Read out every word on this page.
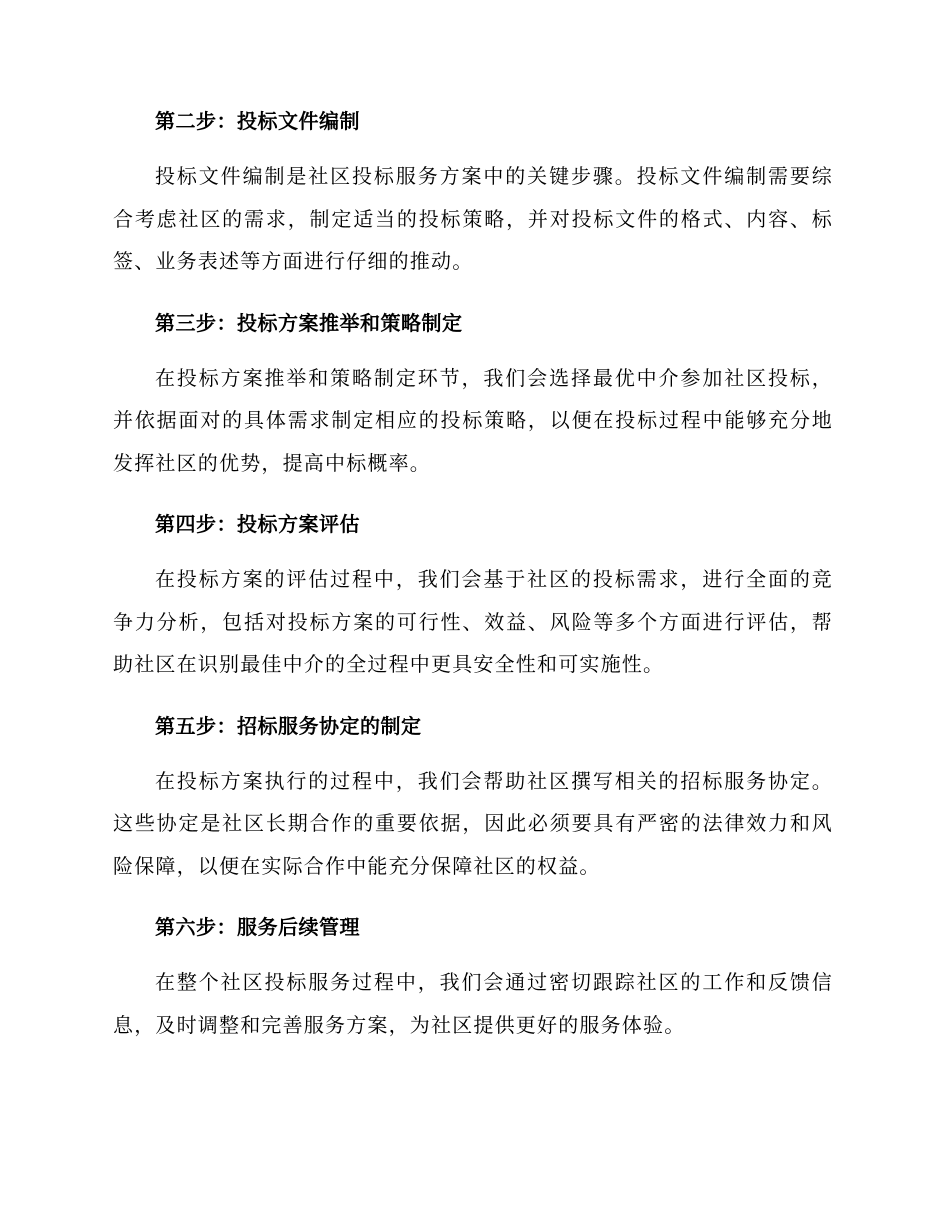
第二步：投标文件编制
投标文件编制是社区投标服务方案中的关键步骤。投标文件编制需要综合考虑社区的需求，制定适当的投标策略，并对投标文件的格式、内容、标签、业务表述等方面进行仔细的推动。
第三步：投标方案推举和策略制定
在投标方案推举和策略制定环节，我们会选择最优中介参加社区投标，并依据面对的具体需求制定相应的投标策略，以便在投标过程中能够充分地发挥社区的优势，提高中标概率。
第四步：投标方案评估
在投标方案的评估过程中，我们会基于社区的投标需求，进行全面的竞争力分析，包括对投标方案的可行性、效益、风险等多个方面进行评估，帮助社区在识别最佳中介的全过程中更具安全性和可实施性。
第五步：招标服务协定的制定
在投标方案执行的过程中，我们会帮助社区撰写相关的招标服务协定。这些协定是社区长期合作的重要依据，因此必须要具有严密的法律效力和风险保障，以便在实际合作中能充分保障社区的权益。
第六步：服务后续管理
在整个社区投标服务过程中，我们会通过密切跟踪社区的工作和反馈信息，及时调整和完善服务方案，为社区提供更好的服务体验。
